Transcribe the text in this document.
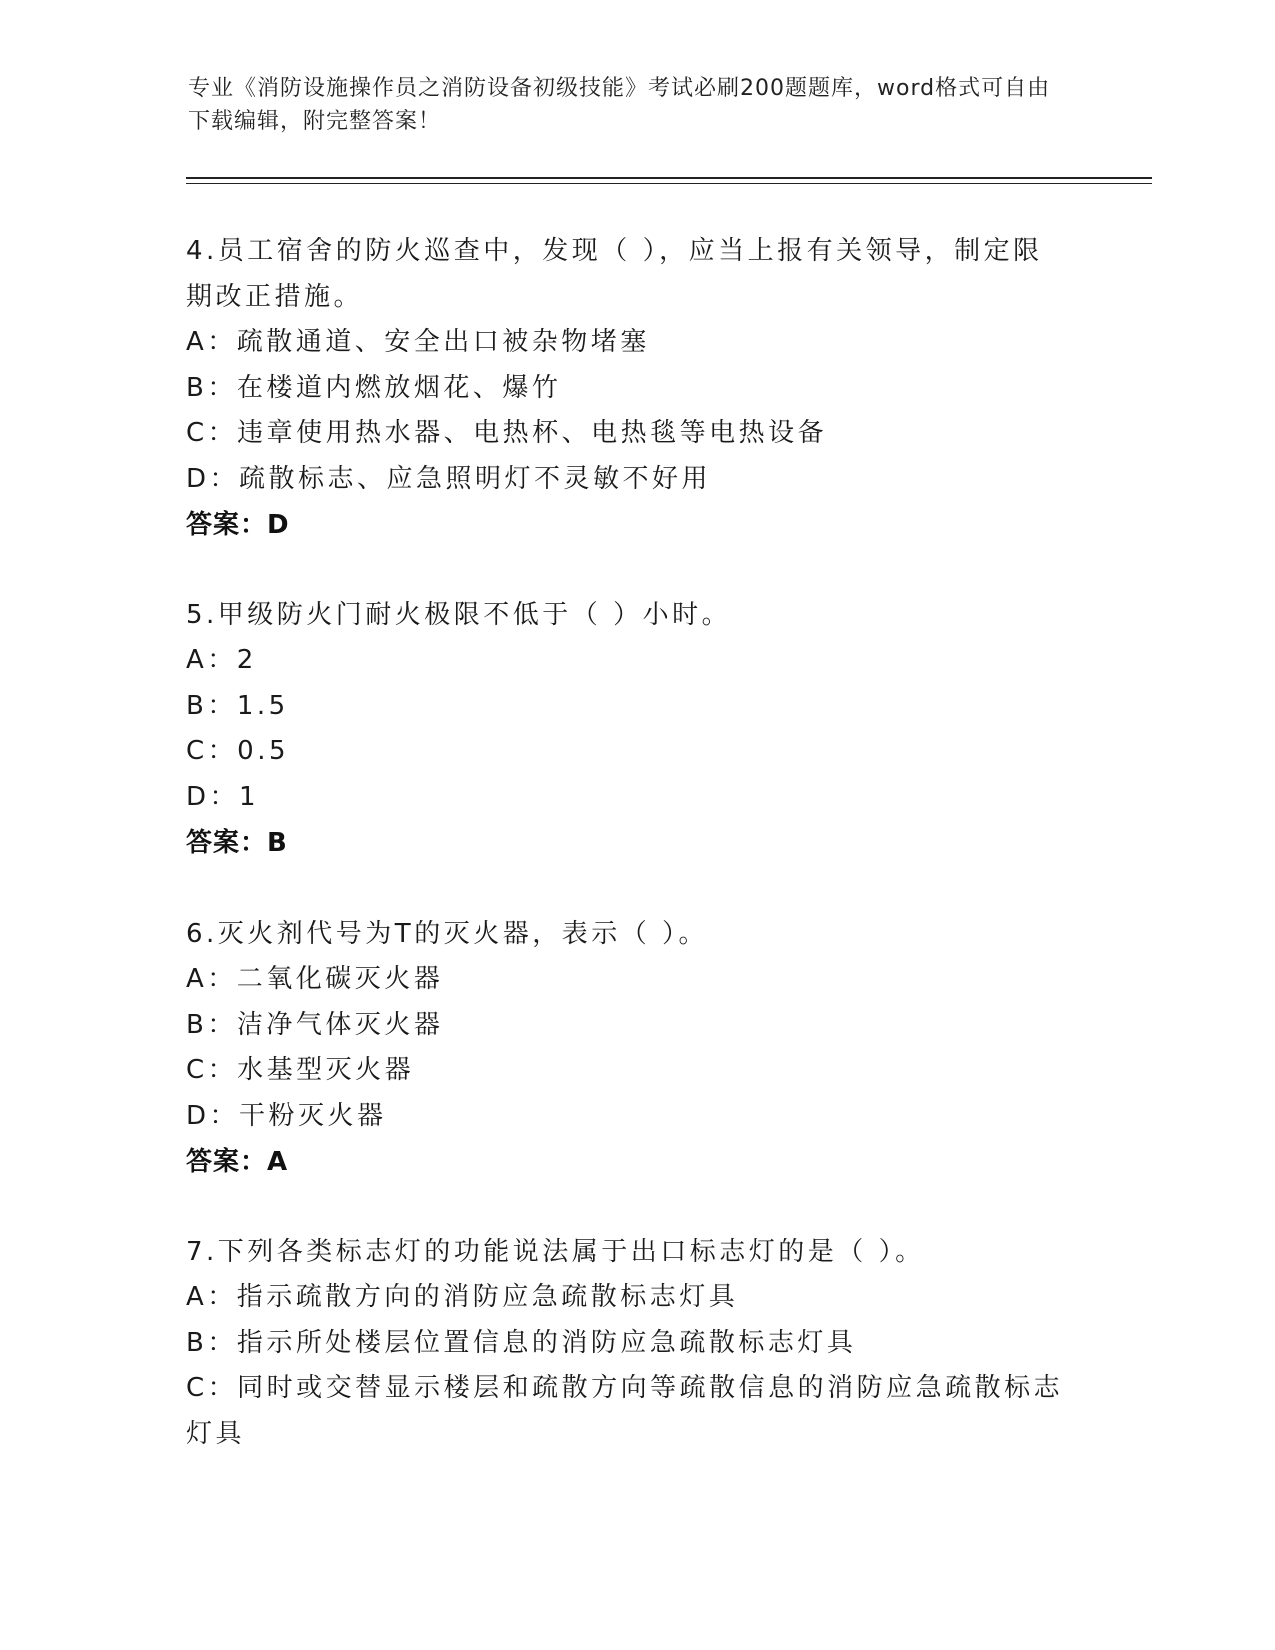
专业《消防设施操作员之消防设备初级技能》考试必刷200题题库，word格式可自由下载编辑，附完整答案！
4.员工宿舍的防火巡查中，发现（ ），应当上报有关领导，制定限期改正措施。
A：疏散通道、安全出口被杂物堵塞
B：在楼道内燃放烟花、爆竹
C：违章使用热水器、电热杯、电热毯等电热设备
D：疏散标志、应急照明灯不灵敏不好用
答案：D
5.甲级防火门耐火极限不低于（ ）小时。
A：2
B：1.5
C：0.5
D：1
答案：B
6.灭火剂代号为T的灭火器，表示（ ）。
A：二氧化碳灭火器
B：洁净气体灭火器
C：水基型灭火器
D：干粉灭火器
答案：A
7.下列各类标志灯的功能说法属于出口标志灯的是（ ）。
A：指示疏散方向的消防应急疏散标志灯具
B：指示所处楼层位置信息的消防应急疏散标志灯具
C：同时或交替显示楼层和疏散方向等疏散信息的消防应急疏散标志灯具
